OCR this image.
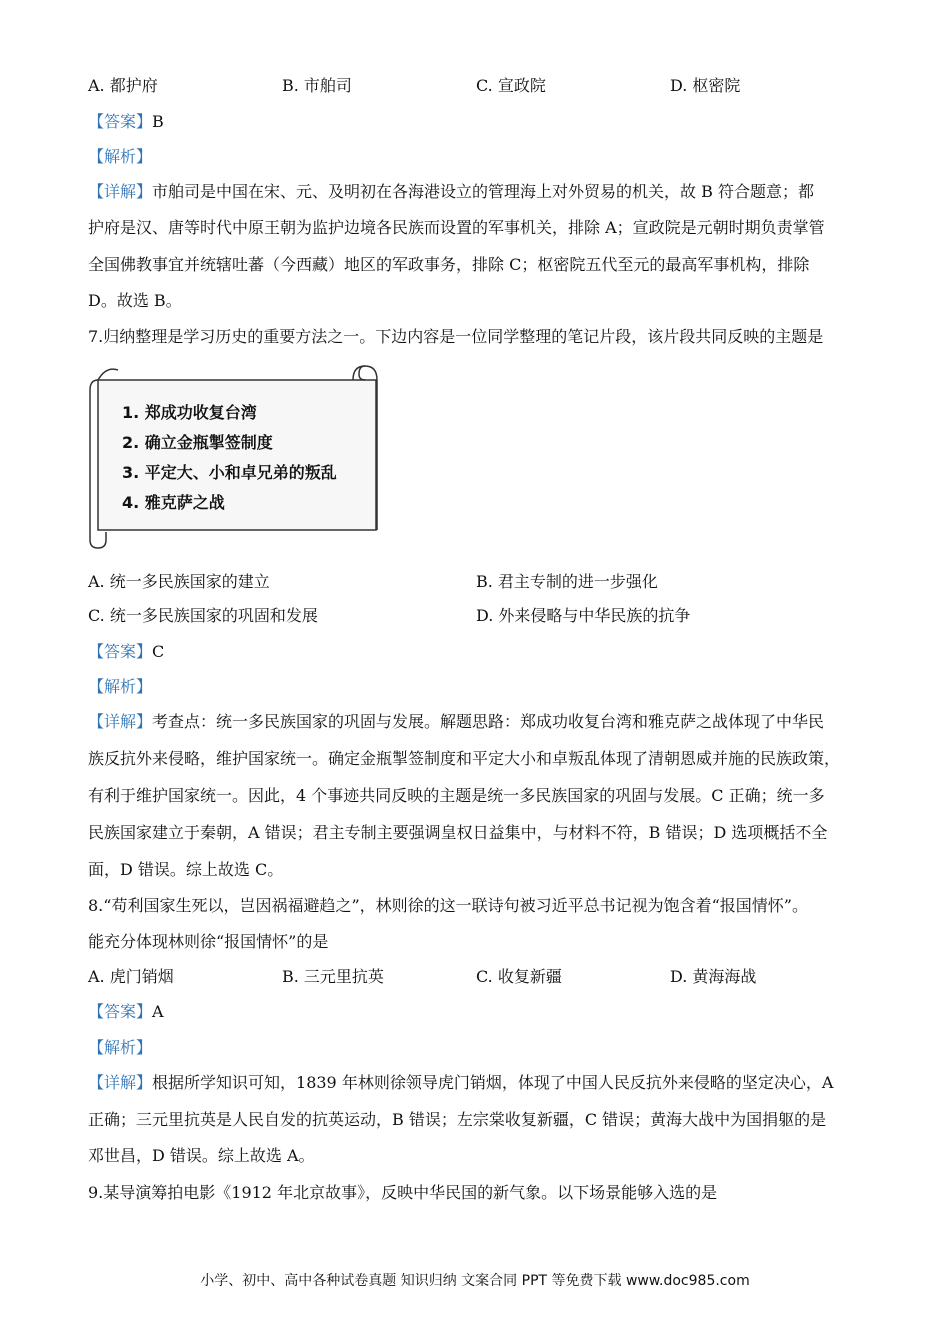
A. 都护府	B. 市舶司	C. 宣政院	D. 枢密院
【答案】B
【解析】
【详解】市舶司是中国在宋、元、及明初在各海港设立的管理海上对外贸易的机关，故 B 符合题意；都
护府是汉、唐等时代中原王朝为监护边境各民族而设置的军事机关，排除 A；宣政院是元朝时期负责掌管
全国佛教事宜并统辖吐蕃（今西藏）地区的军政事务，排除 C；枢密院五代至元的最高军事机构，排除
D。故选 B。
7.归纳整理是学习历史的重要方法之一。下边内容是一位同学整理的笔记片段，该片段共同反映的主题是
1. 郑成功收复台湾
2. 确立金瓶掣签制度
3. 平定大、小和卓兄弟的叛乱
4. 雅克萨之战
A. 统一多民族国家的建立	B. 君主专制的进一步强化
C. 统一多民族国家的巩固和发展	D. 外来侵略与中华民族的抗争
【答案】C
【解析】
【详解】考查点：统一多民族国家的巩固与发展。解题思路：郑成功收复台湾和雅克萨之战体现了中华民
族反抗外来侵略，维护国家统一。确定金瓶掣签制度和平定大小和卓叛乱体现了清朝恩威并施的民族政策，
有利于维护国家统一。因此，4 个事迹共同反映的主题是统一多民族国家的巩固与发展。C 正确；统一多
民族国家建立于秦朝，A 错误；君主专制主要强调皇权日益集中，与材料不符，B 错误；D 选项概括不全
面，D 错误。综上故选 C。
8.“苟利国家生死以，岂因祸福避趋之”，林则徐的这一联诗句被习近平总书记视为饱含着“报国情怀”。
能充分体现林则徐“报国情怀”的是
A. 虎门销烟	B. 三元里抗英	C. 收复新疆	D. 黄海海战
【答案】A
【解析】
【详解】根据所学知识可知，1839 年林则徐领导虎门销烟，体现了中国人民反抗外来侵略的坚定决心，A
正确；三元里抗英是人民自发的抗英运动，B 错误；左宗棠收复新疆，C 错误；黄海大战中为国捐躯的是
邓世昌，D 错误。综上故选 A。
9.某导演筹拍电影《1912 年北京故事》，反映中华民国的新气象。以下场景能够入选的是
小学、初中、高中各种试卷真题 知识归纳 文案合同 PPT 等免费下载 www.doc985.com
